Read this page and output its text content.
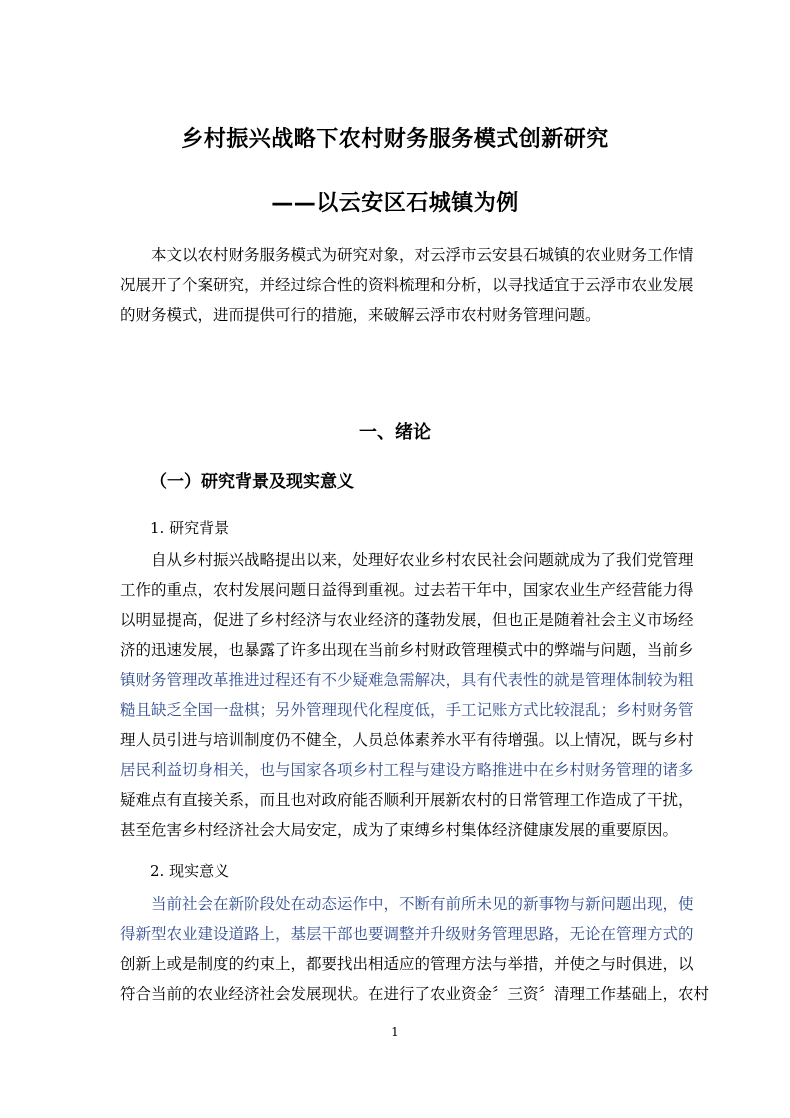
乡村振兴战略下农村财务服务模式创新研究
——以云安区石城镇为例
本文以农村财务服务模式为研究对象，对云浮市云安县石城镇的农业财务工作情
况展开了个案研究，并经过综合性的资料梳理和分析，以寻找适宜于云浮市农业发展
的财务模式，进而提供可行的措施，来破解云浮市农村财务管理问题。
一、绪论
（一）研究背景及现实意义
1. 研究背景
自从乡村振兴战略提出以来，处理好农业乡村农民社会问题就成为了我们党管理
工作的重点，农村发展问题日益得到重视。过去若干年中，国家农业生产经营能力得
以明显提高，促进了乡村经济与农业经济的蓬勃发展，但也正是随着社会主义市场经
济的迅速发展，也暴露了许多出现在当前乡村财政管理模式中的弊端与问题，当前乡
镇财务管理改革推进过程还有不少疑难急需解决，具有代表性的就是管理体制较为粗
糙且缺乏全国一盘棋；另外管理现代化程度低，手工记账方式比较混乱；乡村财务管
理人员引进与培训制度仍不健全，人员总体素养水平有待增强。以上情况，既与乡村
居民利益切身相关，也与国家各项乡村工程与建设方略推进中在乡村财务管理的诸多
疑难点有直接关系，而且也对政府能否顺利开展新农村的日常管理工作造成了干扰，
甚至危害乡村经济社会大局安定，成为了束缚乡村集体经济健康发展的重要原因。
2. 现实意义
当前社会在新阶段处在动态运作中，不断有前所未见的新事物与新问题出现，使
得新型农业建设道路上，基层干部也要调整并升级财务管理思路，无论在管理方式的
创新上或是制度的约束上，都要找出相适应的管理方法与举措，并使之与时俱进，以
符合当前的农业经济社会发展现状。在进行了农业资金〞三资〞清理工作基础上，农村
1
